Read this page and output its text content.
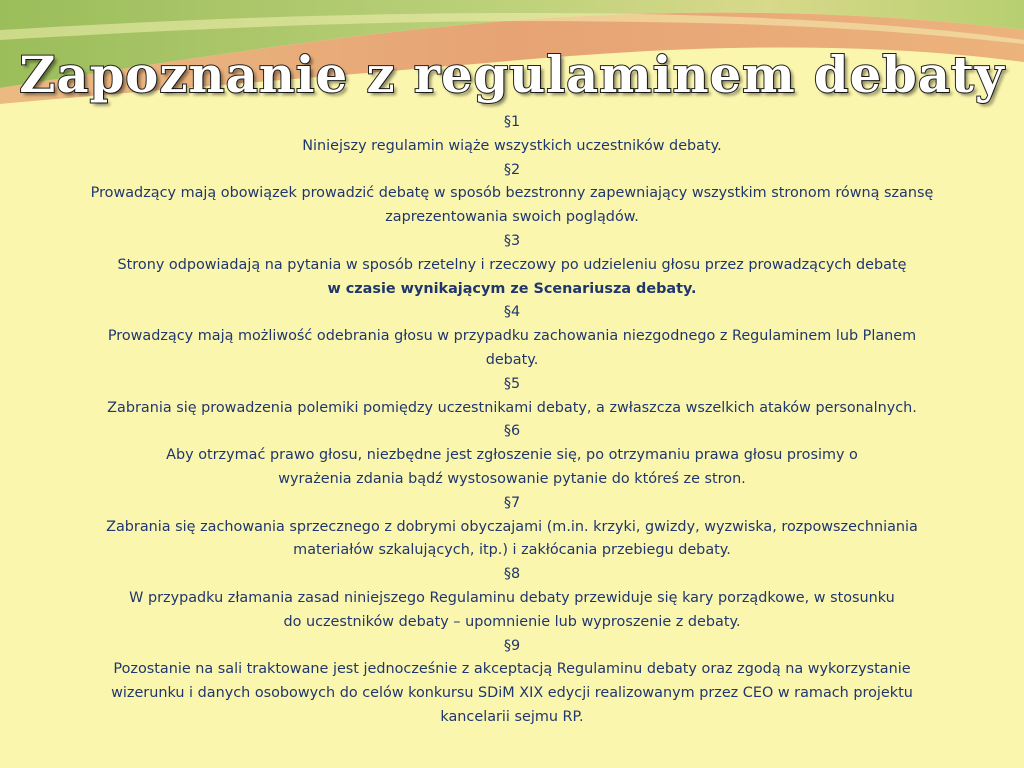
Zapoznanie z regulaminem debaty
§1
Niniejszy regulamin wiąże wszystkich uczestników debaty.
§2
Prowadzący mają obowiązek prowadzić debatę w sposób bezstronny zapewniający wszystkim stronom równą szansę
zaprezentowania swoich poglądów.
§3
Strony odpowiadają na pytania w sposób rzetelny i rzeczowy po udzieleniu głosu przez prowadzących debatę
w czasie wynikającym ze Scenariusza debaty.
§4
Prowadzący mają możliwość odebrania głosu w przypadku zachowania niezgodnego z Regulaminem lub Planem
debaty.
§5
Zabrania się prowadzenia polemiki pomiędzy uczestnikami debaty, a zwłaszcza wszelkich ataków personalnych.
§6
Aby otrzymać prawo głosu, niezbędne jest zgłoszenie się, po otrzymaniu prawa głosu prosimy o
wyrażenia zdania bądź wystosowanie pytanie do któreś ze stron.
§7
Zabrania się zachowania sprzecznego z dobrymi obyczajami (m.in. krzyki, gwizdy, wyzwiska, rozpowszechniania
materiałów szkalujących, itp.) i zakłócania przebiegu debaty.
§8
W przypadku złamania zasad niniejszego Regulaminu debaty przewiduje się kary porządkowe, w stosunku
do uczestników debaty – upomnienie lub wyproszenie z debaty.
§9
Pozostanie na sali traktowane jest jednocześnie z akceptacją Regulaminu debaty oraz zgodą na wykorzystanie
wizerunku i danych osobowych do celów konkursu SDiM XIX edycji realizowanym przez CEO w ramach projektu
kancelarii sejmu RP.
